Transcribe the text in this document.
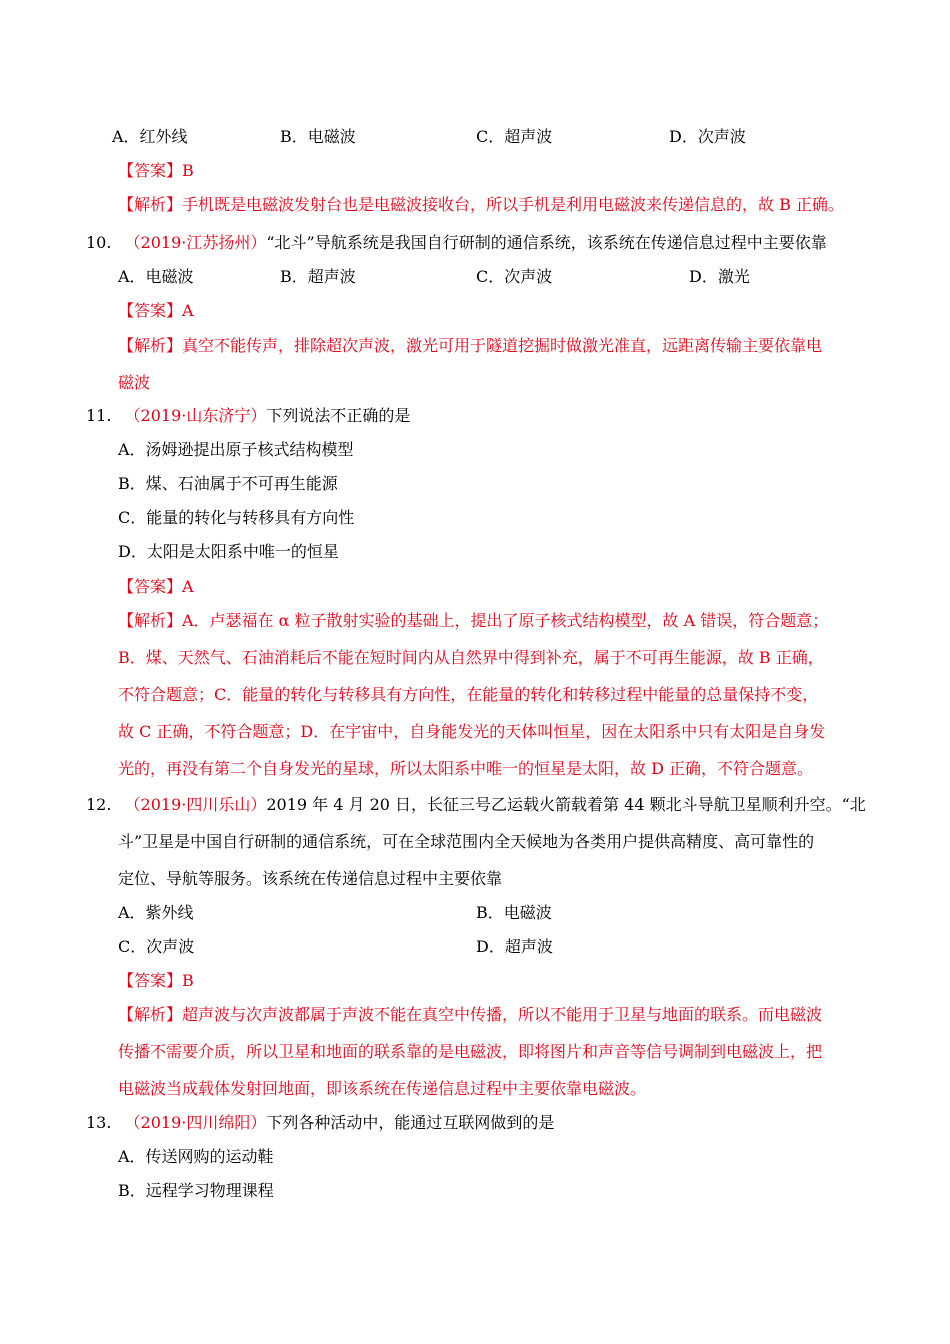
A．红外线	B．电磁波	C．超声波	D．次声波
【答案】B
【解析】手机既是电磁波发射台也是电磁波接收台，所以手机是利用电磁波来传递信息的，故 B 正确。
10. （2019·江苏扬州）“北斗”导航系统是我国自行研制的通信系统，该系统在传递信息过程中主要依靠
A．电磁波	B．超声波	C．次声波	D．激光
【答案】A
【解析】真空不能传声，排除超次声波，激光可用于隧道挖掘时做激光准直，远距离传输主要依靠电
磁波
11. （2019·山东济宁）下列说法不正确的是
A．汤姆逊提出原子核式结构模型
B．煤、石油属于不可再生能源
C．能量的转化与转移具有方向性
D．太阳是太阳系中唯一的恒星
【答案】A
【解析】A．卢瑟福在 α 粒子散射实验的基础上，提出了原子核式结构模型，故 A 错误，符合题意；
B．煤、天然气、石油消耗后不能在短时间内从自然界中得到补充，属于不可再生能源，故 B 正确，
不符合题意；C．能量的转化与转移具有方向性，在能量的转化和转移过程中能量的总量保持不变，
故 C 正确，不符合题意；D．在宇宙中，自身能发光的天体叫恒星，因在太阳系中只有太阳是自身发
光的，再没有第二个自身发光的星球，所以太阳系中唯一的恒星是太阳，故 D 正确，不符合题意。
12. （2019·四川乐山）2019 年 4 月 20 日，长征三号乙运载火箭载着第 44 颗北斗导航卫星顺利升空。“北
斗”卫星是中国自行研制的通信系统，可在全球范围内全天候地为各类用户提供高精度、高可靠性的
定位、导航等服务。该系统在传递信息过程中主要依靠
A．紫外线	B．电磁波
C．次声波	D．超声波
【答案】B
【解析】超声波与次声波都属于声波不能在真空中传播，所以不能用于卫星与地面的联系。而电磁波
传播不需要介质，所以卫星和地面的联系靠的是电磁波，即将图片和声音等信号调制到电磁波上，把
电磁波当成载体发射回地面，即该系统在传递信息过程中主要依靠电磁波。
13. （2019·四川绵阳）下列各种活动中，能通过互联网做到的是
A．传送网购的运动鞋
B．远程学习物理课程
